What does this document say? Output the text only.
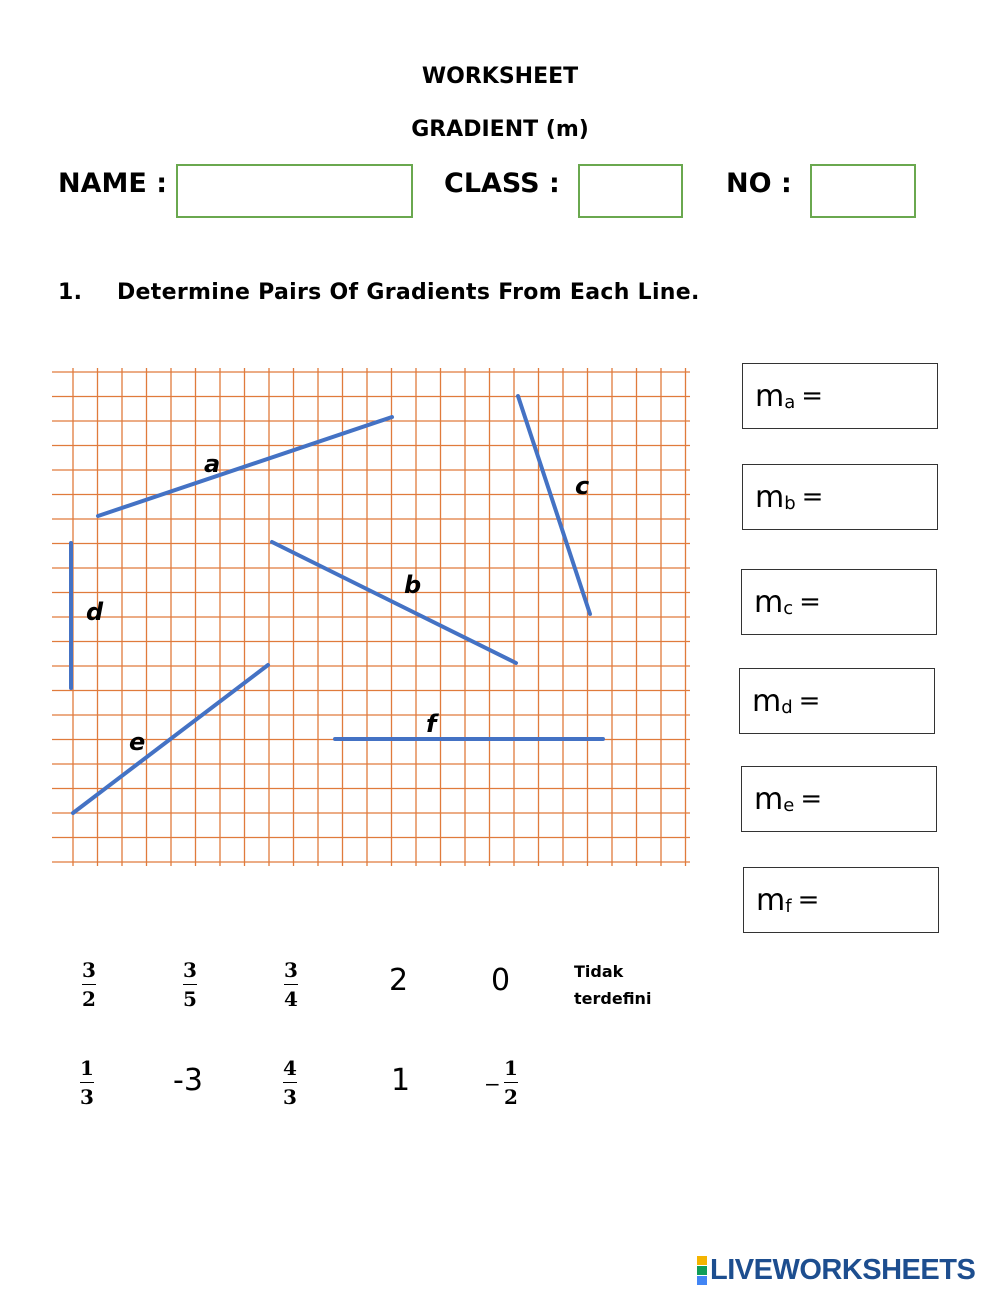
WORKSHEET
GRADIENT (m)
NAME :	CLASS :	NO :
1. Determine Pairs Of Gradients From Each Line.
a
b
c
d
e
f
m a =
m b =
m c =
m d =
m e =
m f =
3
2
3
5
3
4
2	0	Tidak
terdefini
1
3	-3	4
3	1	−
1
2
LIVEWORKSHEETS
